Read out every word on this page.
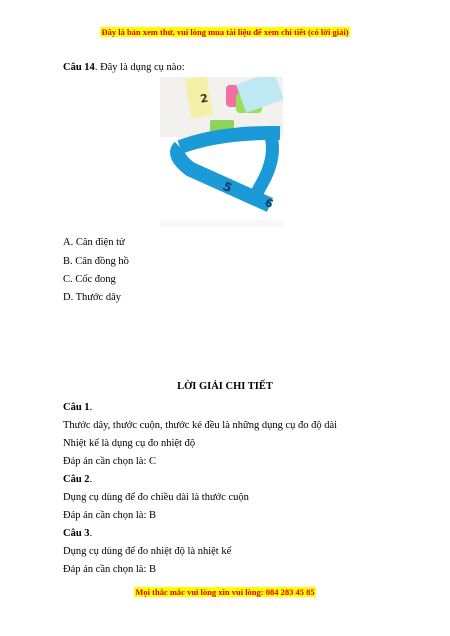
Đây là bản xem thử, vui lòng mua tài liệu để xem chi tiết (có lời giải)
Câu 14. Đây là dụng cụ nào:
2
5
6
A. Cân điện tử
B. Cân đồng hồ
C. Cốc đong
D. Thước dây
LỜI GIẢI CHI TIẾT
Câu 1.
Thước dây, thước cuộn, thước kẻ đều là những dụng cụ đo độ dài
Nhiệt kế là dụng cụ đo nhiệt độ
Đáp án cần chọn là: C
Câu 2.
Dụng cụ dùng để đo chiều dài là thước cuộn
Đáp án cần chọn là: B
Câu 3.
Dụng cụ dùng để đo nhiệt độ là nhiệt kế
Đáp án cần chọn là: B
Mọi thắc mắc vui lòng xin vui lòng: 084 283 45 85
